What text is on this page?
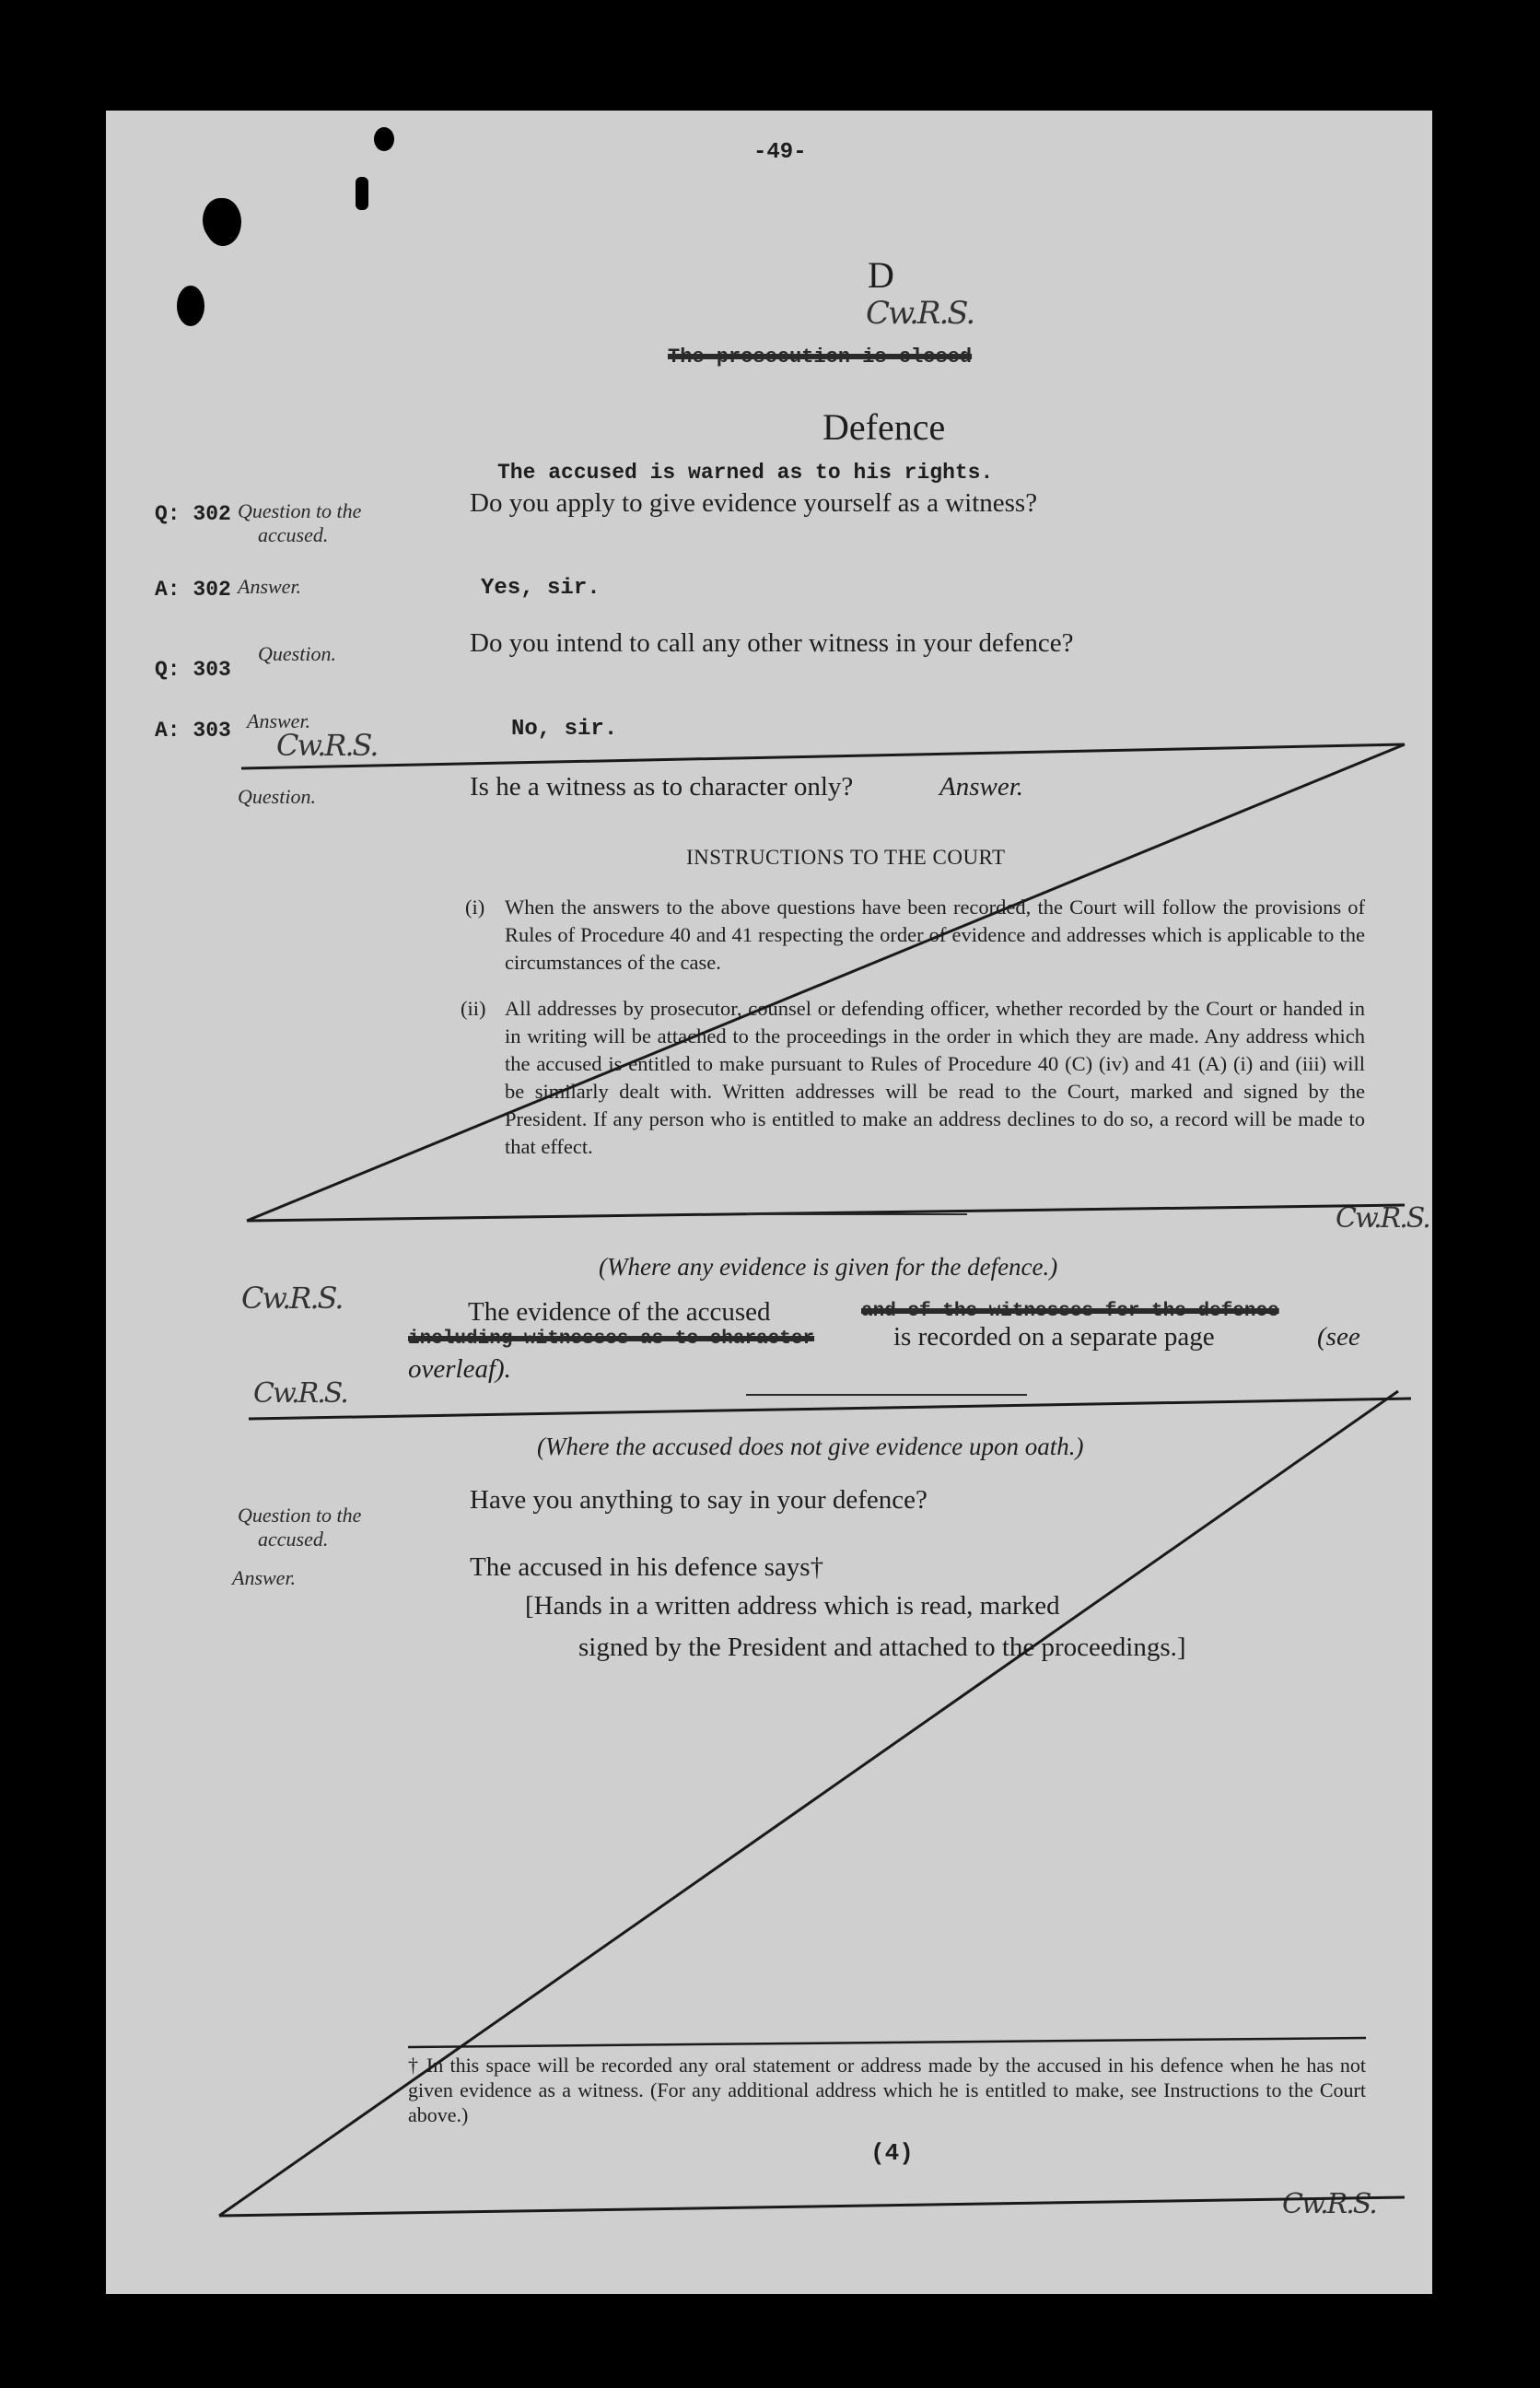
-49-
D
Cw.R.S.
The prosecution is closed
Defence
The accused is warned as to his rights.
Q: 302 Question to the
accused.
Do you apply to give evidence yourself as a witness?
A: 302 Answer.	Yes, sir.
Question.
Q: 303
Do you intend to call any other witness in your defence?
A: 303 Answer.	No, sir.
Cw.R.S.
Question.	Is he a witness as to character only?	Answer.
INSTRUCTIONS TO THE COURT
(i) When the answers to the above questions have been recorded, the Court will follow the provisions of Rules of Procedure 40 and 41 respecting the order of evidence and addresses which is applicable to the circumstances of the case.
(ii) All addresses by prosecutor, counsel or defending officer, whether recorded by the Court or handed in in writing will be attached to the proceedings in the order in which they are made. Any address which the accused is entitled to make pursuant to Rules of Procedure 40 (C) (iv) and 41 (A) (i) and (iii) will be similarly dealt with. Written addresses will be read to the Court, marked and signed by the President. If any person who is entitled to make an address declines to do so, a record will be made to that effect.
Cw.R.S.
(Where any evidence is given for the defence.)
Cw.R.S.	The evidence of the accused	and of the witnesses for the defence
including witnesses as to character	is recorded on a separate page	(see
overleaf).
Cw.R.S.
(Where the accused does not give evidence upon oath.)
Question to the
accused.
Have you anything to say in your defence?
Answer.	The accused in his defence says†
[Hands in a written address which is read, marked
signed by the President and attached to the proceedings.]
† In this space will be recorded any oral statement or address made by the accused in his defence when he has not given evidence as a witness. (For any additional address which he is entitled to make, see Instructions to the Court above.)
(4)
Cw.R.S.
